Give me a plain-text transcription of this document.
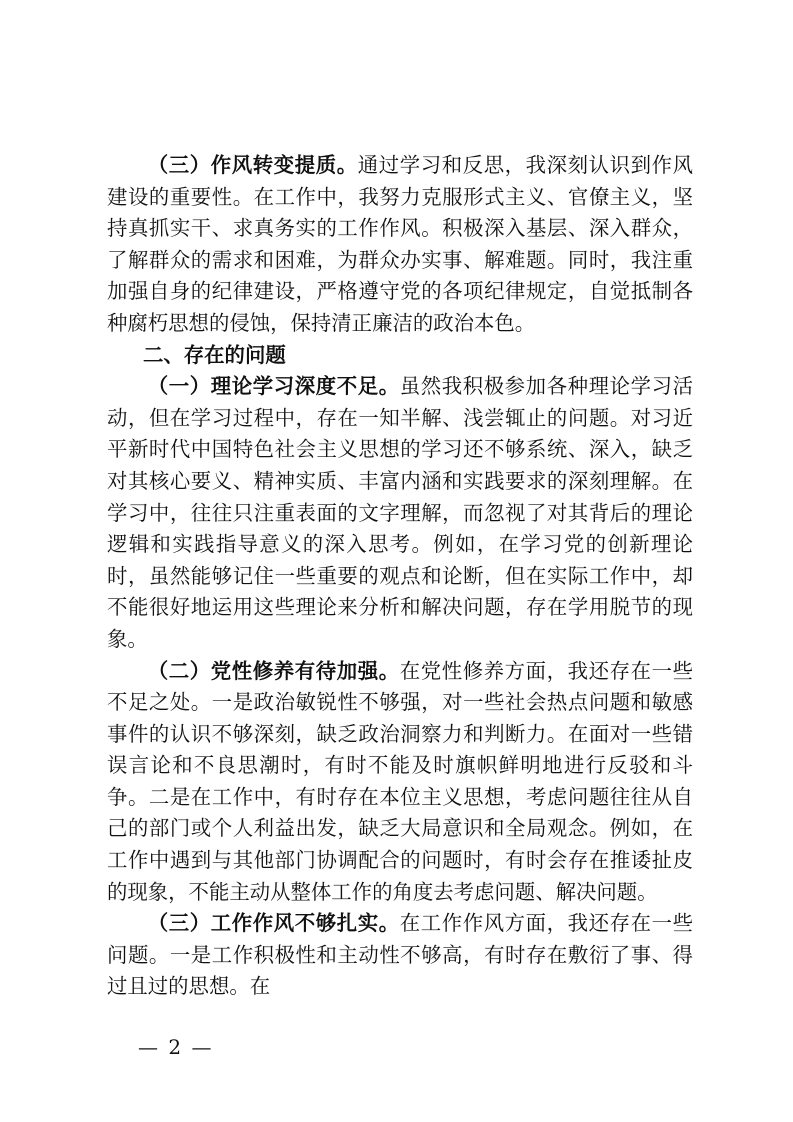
（三）作风转变提质。通过学习和反思，我深刻认识到作风建设的重要性。在工作中，我努力克服形式主义、官僚主义，坚持真抓实干、求真务实的工作作风。积极深入基层、深入群众，了解群众的需求和困难，为群众办实事、解难题。同时，我注重加强自身的纪律建设，严格遵守党的各项纪律规定，自觉抵制各种腐朽思想的侵蚀，保持清正廉洁的政治本色。

二、存在的问题

（一）理论学习深度不足。虽然我积极参加各种理论学习活动，但在学习过程中，存在一知半解、浅尝辄止的问题。对习近平新时代中国特色社会主义思想的学习还不够系统、深入，缺乏对其核心要义、精神实质、丰富内涵和实践要求的深刻理解。在学习中，往往只注重表面的文字理解，而忽视了对其背后的理论逻辑和实践指导意义的深入思考。例如，在学习党的创新理论时，虽然能够记住一些重要的观点和论断，但在实际工作中，却不能很好地运用这些理论来分析和解决问题，存在学用脱节的现象。

（二）党性修养有待加强。在党性修养方面，我还存在一些不足之处。一是政治敏锐性不够强，对一些社会热点问题和敏感事件的认识不够深刻，缺乏政治洞察力和判断力。在面对一些错误言论和不良思潮时，有时不能及时旗帜鲜明地进行反驳和斗争。二是在工作中，有时存在本位主义思想，考虑问题往往从自己的部门或个人利益出发，缺乏大局意识和全局观念。例如，在工作中遇到与其他部门协调配合的问题时，有时会存在推诿扯皮的现象，不能主动从整体工作的角度去考虑问题、解决问题。

（三）工作作风不够扎实。在工作作风方面，我还存在一些问题。一是工作积极性和主动性不够高，有时存在敷衍了事、得过且过的思想。在

— 2 —
